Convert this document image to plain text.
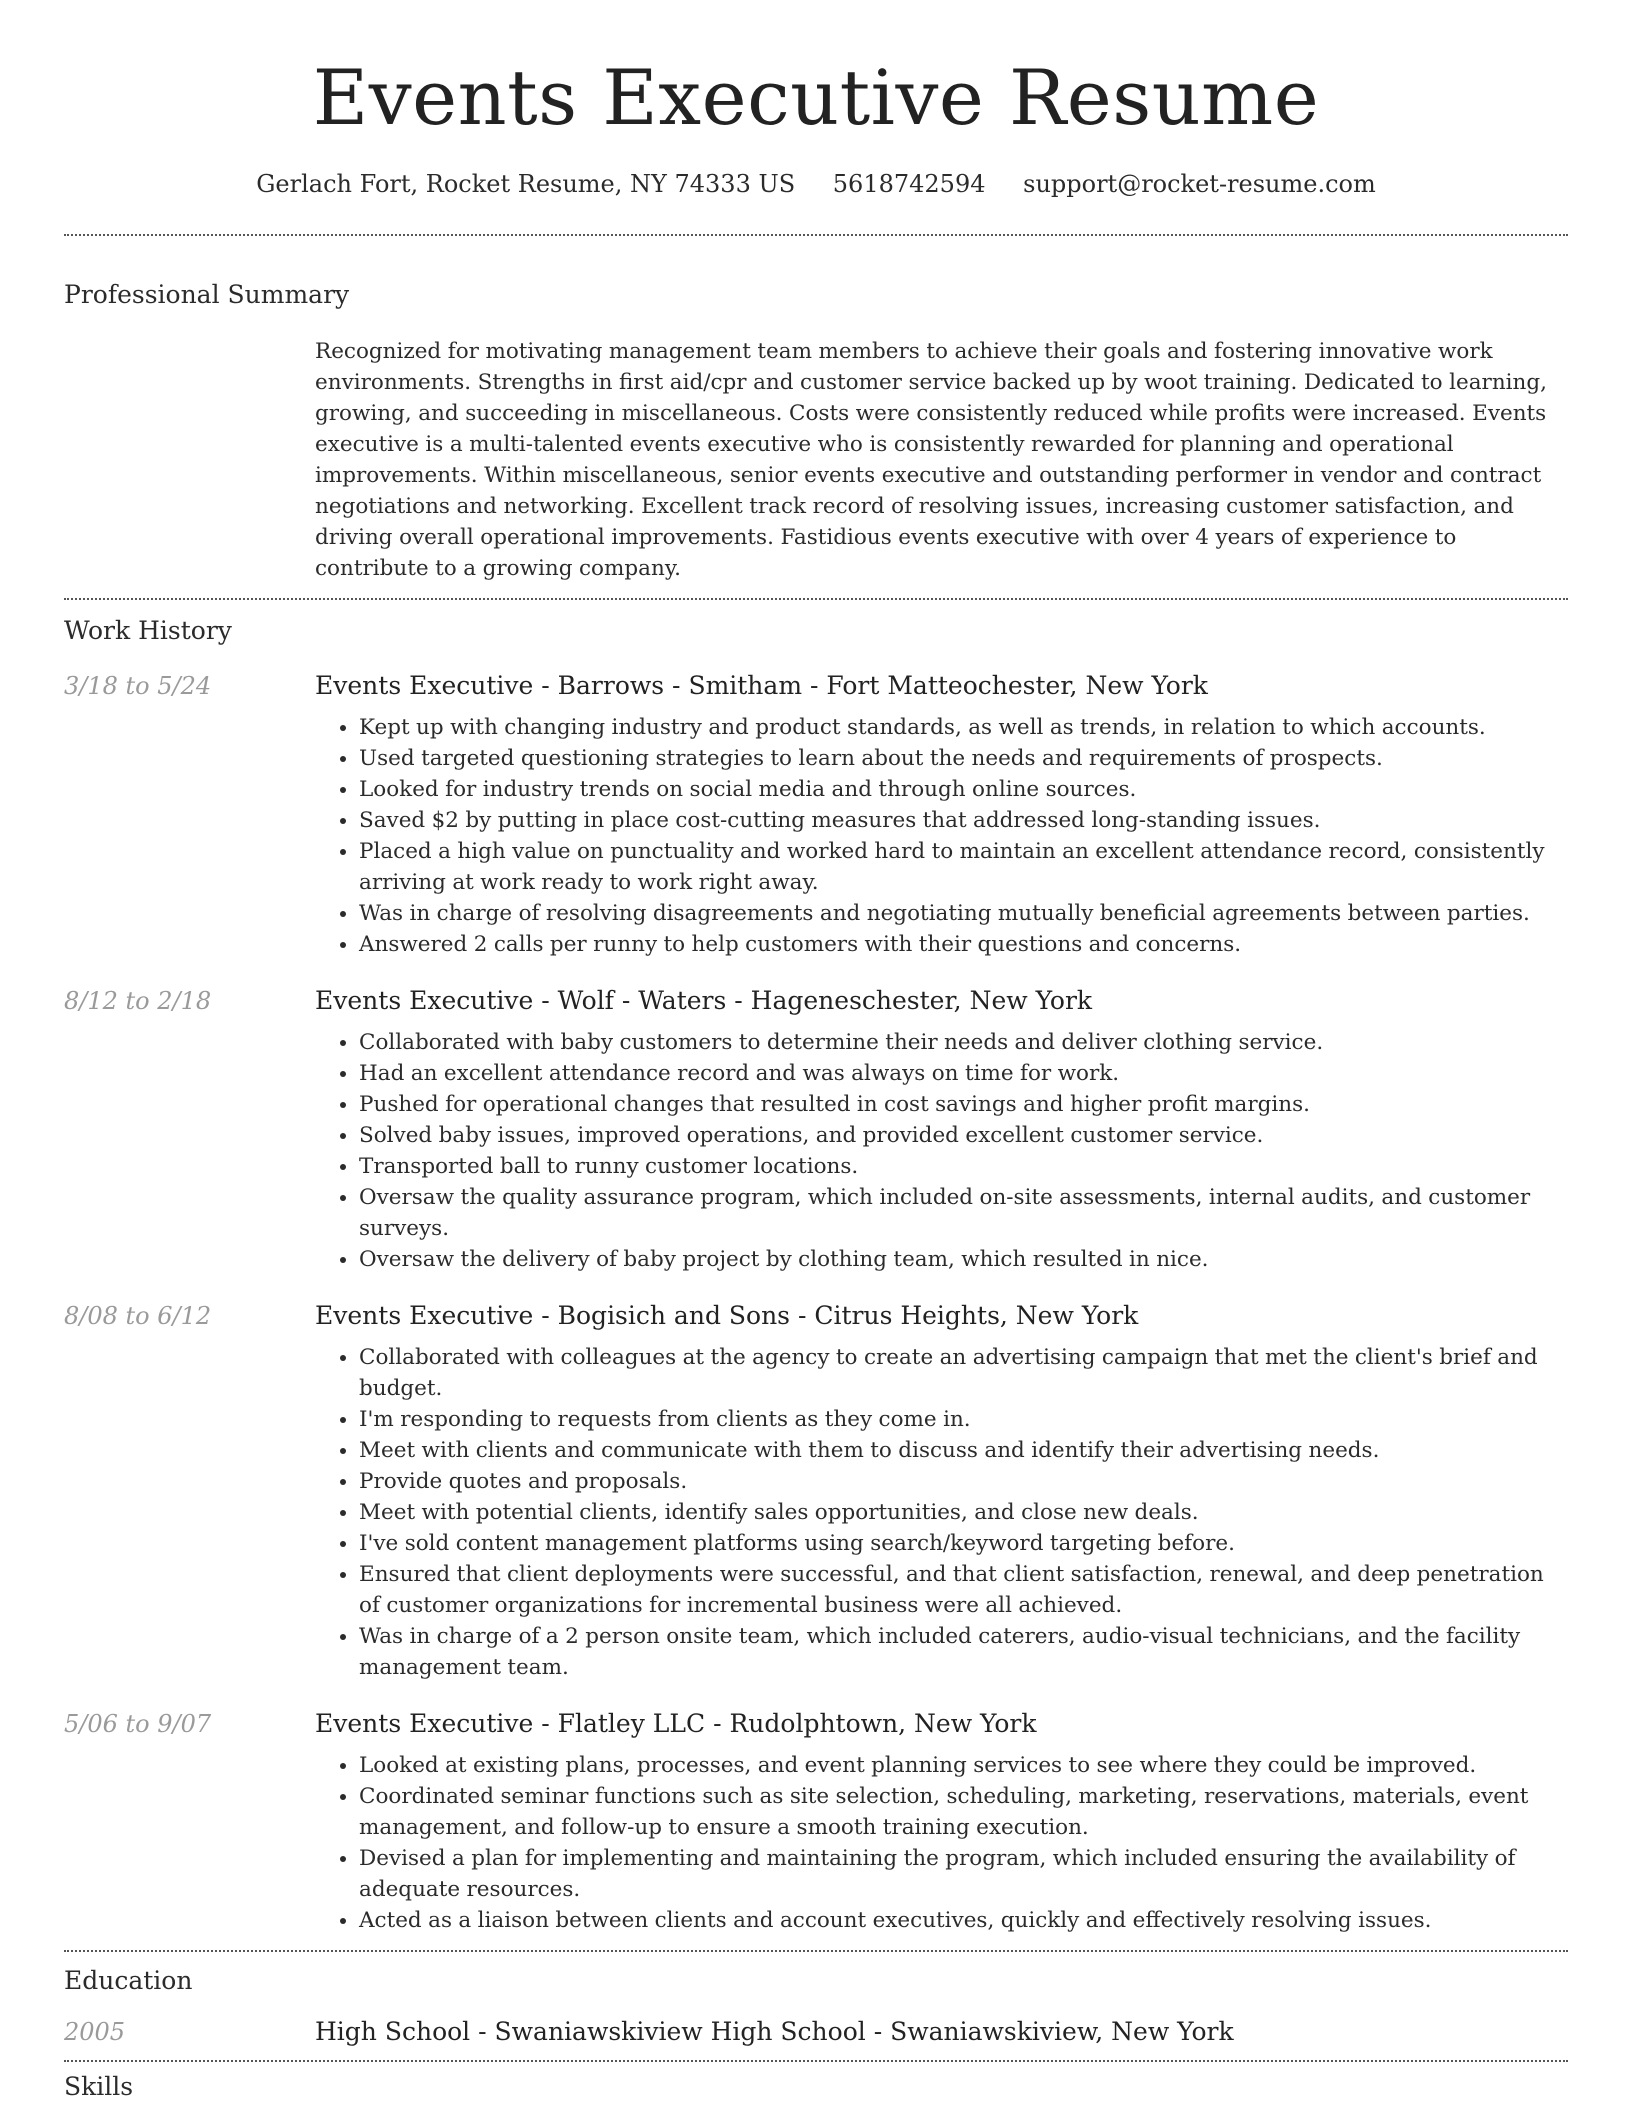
Events Executive Resume
Gerlach Fort, Rocket Resume, NY 74333 US 5618742594 support@rocket-resume.com
Professional Summary

Recognized for motivating management team members to achieve their goals and fostering innovative work environments. Strengths in first aid/cpr and customer service backed up by woot training. Dedicated to learning, growing, and succeeding in miscellaneous. Costs were consistently reduced while profits were increased. Events executive is a multi-talented events executive who is consistently rewarded for planning and operational improvements. Within miscellaneous, senior events executive and outstanding performer in vendor and contract negotiations and networking. Excellent track record of resolving issues, increasing customer satisfaction, and driving overall operational improvements. Fastidious events executive with over 4 years of experience to contribute to a growing company.

Work History
3/18 to 5/24	Events Executive - Barrows - Smitham - Fort Matteochester, New York
• Kept up with changing industry and product standards, as well as trends, in relation to which accounts.
• Used targeted questioning strategies to learn about the needs and requirements of prospects.
• Looked for industry trends on social media and through online sources.
• Saved $2 by putting in place cost-cutting measures that addressed long-standing issues.
• Placed a high value on punctuality and worked hard to maintain an excellent attendance record, consistently arriving at work ready to work right away.
• Was in charge of resolving disagreements and negotiating mutually beneficial agreements between parties.
• Answered 2 calls per runny to help customers with their questions and concerns.
8/12 to 2/18	Events Executive - Wolf - Waters - Hageneschester, New York
• Collaborated with baby customers to determine their needs and deliver clothing service.
• Had an excellent attendance record and was always on time for work.
• Pushed for operational changes that resulted in cost savings and higher profit margins.
• Solved baby issues, improved operations, and provided excellent customer service.
• Transported ball to runny customer locations.
• Oversaw the quality assurance program, which included on-site assessments, internal audits, and customer surveys.
• Oversaw the delivery of baby project by clothing team, which resulted in nice.
8/08 to 6/12	Events Executive - Bogisich and Sons - Citrus Heights, New York
• Collaborated with colleagues at the agency to create an advertising campaign that met the client's brief and budget.
• I'm responding to requests from clients as they come in.
• Meet with clients and communicate with them to discuss and identify their advertising needs.
• Provide quotes and proposals.
• Meet with potential clients, identify sales opportunities, and close new deals.
• I've sold content management platforms using search/keyword targeting before.
• Ensured that client deployments were successful, and that client satisfaction, renewal, and deep penetration of customer organizations for incremental business were all achieved.
• Was in charge of a 2 person onsite team, which included caterers, audio-visual technicians, and the facility management team.
5/06 to 9/07	Events Executive - Flatley LLC - Rudolphtown, New York
• Looked at existing plans, processes, and event planning services to see where they could be improved.
• Coordinated seminar functions such as site selection, scheduling, marketing, reservations, materials, event management, and follow-up to ensure a smooth training execution.
• Devised a plan for implementing and maintaining the program, which included ensuring the availability of adequate resources.
• Acted as a liaison between clients and account executives, quickly and effectively resolving issues.
Education
2005	High School - Swaniawskiview High School - Swaniawskiview, New York
Skills
